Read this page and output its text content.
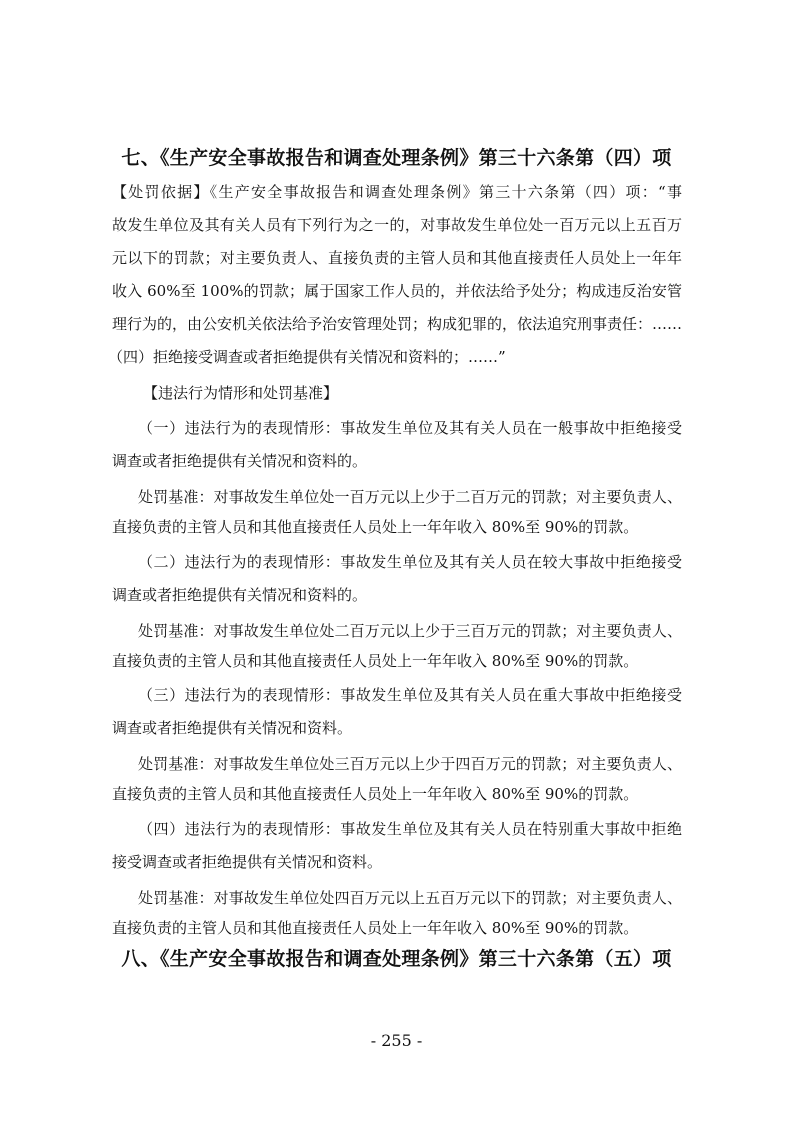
七、《生产安全事故报告和调查处理条例》第三十六条第（四）项
【处罚依据】《生产安全事故报告和调查处理条例》第三十六条第（四）项：“事
故发生单位及其有关人员有下列行为之一的，对事故发生单位处一百万元以上五百万
元以下的罚款；对主要负责人、直接负责的主管人员和其他直接责任人员处上一年年
收入 60%至 100%的罚款；属于国家工作人员的，并依法给予处分；构成违反治安管
理行为的，由公安机关依法给予治安管理处罚；构成犯罪的，依法追究刑事责任：……
（四）拒绝接受调查或者拒绝提供有关情况和资料的；……”
【违法行为情形和处罚基准】
（一）违法行为的表现情形：事故发生单位及其有关人员在一般事故中拒绝接受
调查或者拒绝提供有关情况和资料的。
处罚基准：对事故发生单位处一百万元以上少于二百万元的罚款；对主要负责人、
直接负责的主管人员和其他直接责任人员处上一年年收入 80%至 90%的罚款。
（二）违法行为的表现情形：事故发生单位及其有关人员在较大事故中拒绝接受
调查或者拒绝提供有关情况和资料的。
处罚基准：对事故发生单位处二百万元以上少于三百万元的罚款；对主要负责人、
直接负责的主管人员和其他直接责任人员处上一年年收入 80%至 90%的罚款。
（三）违法行为的表现情形：事故发生单位及其有关人员在重大事故中拒绝接受
调查或者拒绝提供有关情况和资料。
处罚基准：对事故发生单位处三百万元以上少于四百万元的罚款；对主要负责人、
直接负责的主管人员和其他直接责任人员处上一年年收入 80%至 90%的罚款。
（四）违法行为的表现情形：事故发生单位及其有关人员在特别重大事故中拒绝
接受调查或者拒绝提供有关情况和资料。
处罚基准：对事故发生单位处四百万元以上五百万元以下的罚款；对主要负责人、
直接负责的主管人员和其他直接责任人员处上一年年收入 80%至 90%的罚款。
八、《生产安全事故报告和调查处理条例》第三十六条第（五）项
- 255 -
